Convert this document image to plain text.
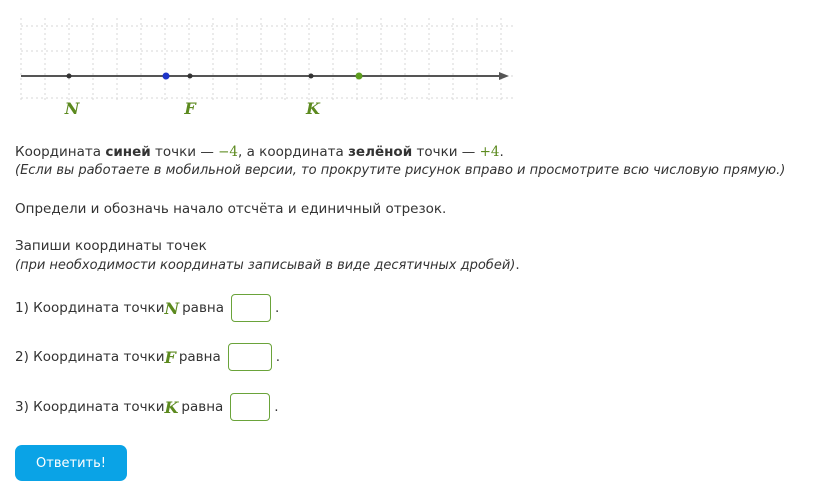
N	F	K

Координата синей точки — −4, а координата зелёной точки — +4.

(Если вы работаете в мобильной версии, то прокрутите рисунок вправо и просмотрите всю числовую прямую.)

Определи и обозначь начало отсчёта и единичный отрезок.

Запиши координаты точек

(при необходимости координаты записывай в виде десятичных дробей).

1) Координата точки N равна	.
2) Координата точки F равна	.
3) Координата точки K равна	.
Ответить!
